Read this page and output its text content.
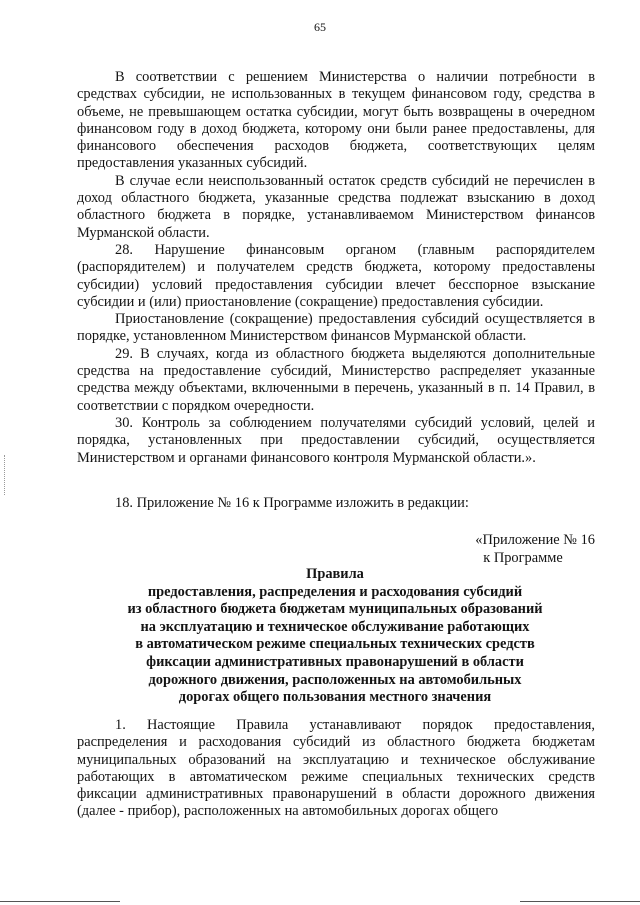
65

В соответствии с решением Министерства о наличии потребности в средствах субсидии, не использованных в текущем финансовом году, средства в объеме, не превышающем остатка субсидии, могут быть возвращены в очередном финансовом году в доход бюджета, которому они были ранее предоставлены, для финансового обеспечения расходов бюджета, соответствующих целям предоставления указанных субсидий.

В случае если неиспользованный остаток средств субсидий не перечислен в доход областного бюджета, указанные средства подлежат взысканию в доход областного бюджета в порядке, устанавливаемом Министерством финансов Мурманской области.

28. Нарушение финансовым органом (главным распорядителем (распорядителем) и получателем средств бюджета, которому предоставлены субсидии) условий предоставления субсидии влечет бесспорное взыскание субсидии и (или) приостановление (сокращение) предоставления субсидии.

Приостановление (сокращение) предоставления субсидий осуществляется в порядке, установленном Министерством финансов Мурманской области.

29. В случаях, когда из областного бюджета выделяются дополнительные средства на предоставление субсидий, Министерство распределяет указанные средства между объектами, включенными в перечень, указанный в п. 14 Правил, в соответствии с порядком очередности.

30. Контроль за соблюдением получателями субсидий условий, целей и порядка, установленных при предоставлении субсидий, осуществляется Министерством и органами финансового контроля Мурманской области.».

18. Приложение № 16 к Программе изложить в редакции:

«Приложение № 16
к Программе
Правила
предоставления, распределения и расходования субсидий
из областного бюджета бюджетам муниципальных образований
на эксплуатацию и техническое обслуживание работающих
в автоматическом режиме специальных технических средств
фиксации административных правонарушений в области
дорожного движения, расположенных на автомобильных
дорогах общего пользования местного значения

1. Настоящие Правила устанавливают порядок предоставления, распределения и расходования субсидий из областного бюджета бюджетам муниципальных образований на эксплуатацию и техническое обслуживание работающих в автоматическом режиме специальных технических средств фиксации административных правонарушений в области дорожного движения (далее - прибор), расположенных на автомобильных дорогах общего
